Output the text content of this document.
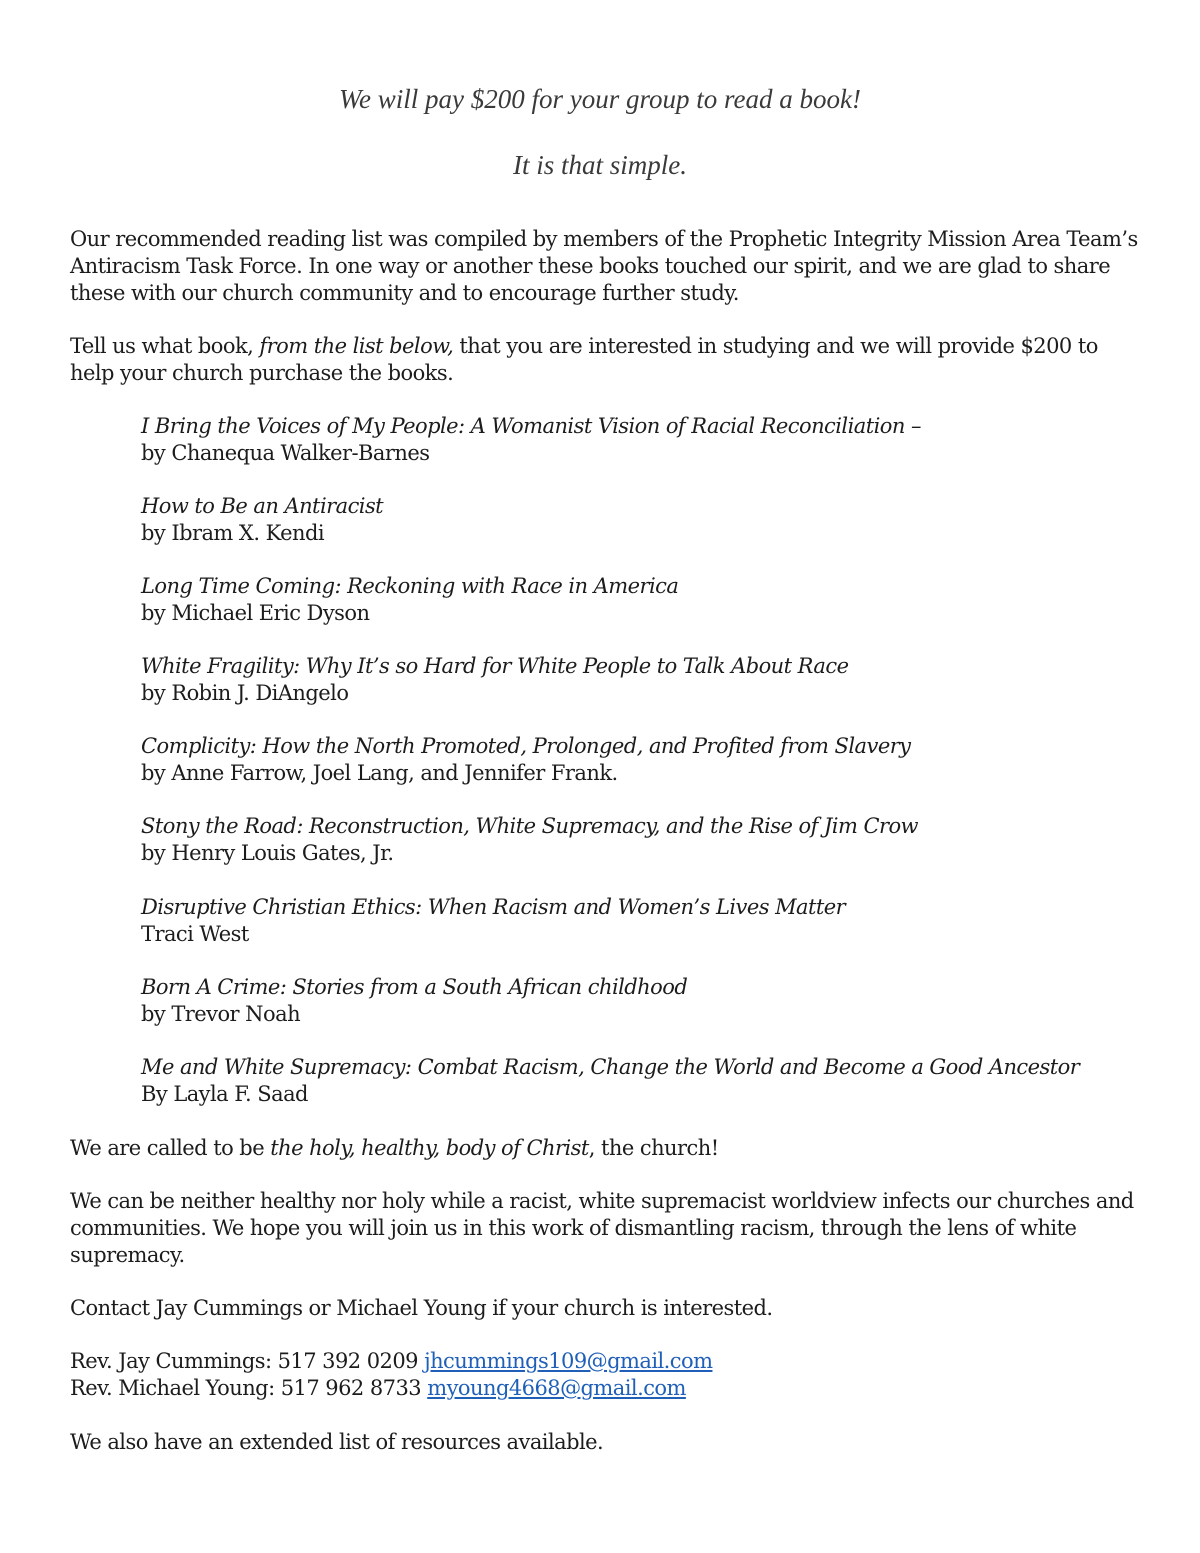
We will pay $200 for your group to read a book!
It is that simple.

Our recommended reading list was compiled by members of the Prophetic Integrity Mission Area Team’s Antiracism Task Force. In one way or another these books touched our spirit, and we are glad to share these with our church community and to encourage further study.

Tell us what book, from the list below, that you are interested in studying and we will provide $200 to help your church purchase the books.

I Bring the Voices of My People: A Womanist Vision of Racial Reconciliation –
by Chanequa Walker-Barnes
How to Be an Antiracist
by Ibram X. Kendi
Long Time Coming: Reckoning with Race in America
by Michael Eric Dyson
White Fragility: Why It’s so Hard for White People to Talk About Race
by Robin J. DiAngelo
Complicity: How the North Promoted, Prolonged, and Profited from Slavery
by Anne Farrow, Joel Lang, and Jennifer Frank.
Stony the Road: Reconstruction, White Supremacy, and the Rise of Jim Crow
by Henry Louis Gates, Jr.
Disruptive Christian Ethics: When Racism and Women’s Lives Matter
Traci West
Born A Crime: Stories from a South African childhood
by Trevor Noah
Me and White Supremacy: Combat Racism, Change the World and Become a Good Ancestor
By Layla F. Saad

We are called to be the holy, healthy, body of Christ, the church!

We can be neither healthy nor holy while a racist, white supremacist worldview infects our churches and communities. We hope you will join us in this work of dismantling racism, through the lens of white supremacy.

Contact Jay Cummings or Michael Young if your church is interested.

Rev. Jay Cummings: 517 392 0209 jhcummings109@gmail.com
Rev. Michael Young: 517 962 8733 myoung4668@gmail.com

We also have an extended list of resources available.
